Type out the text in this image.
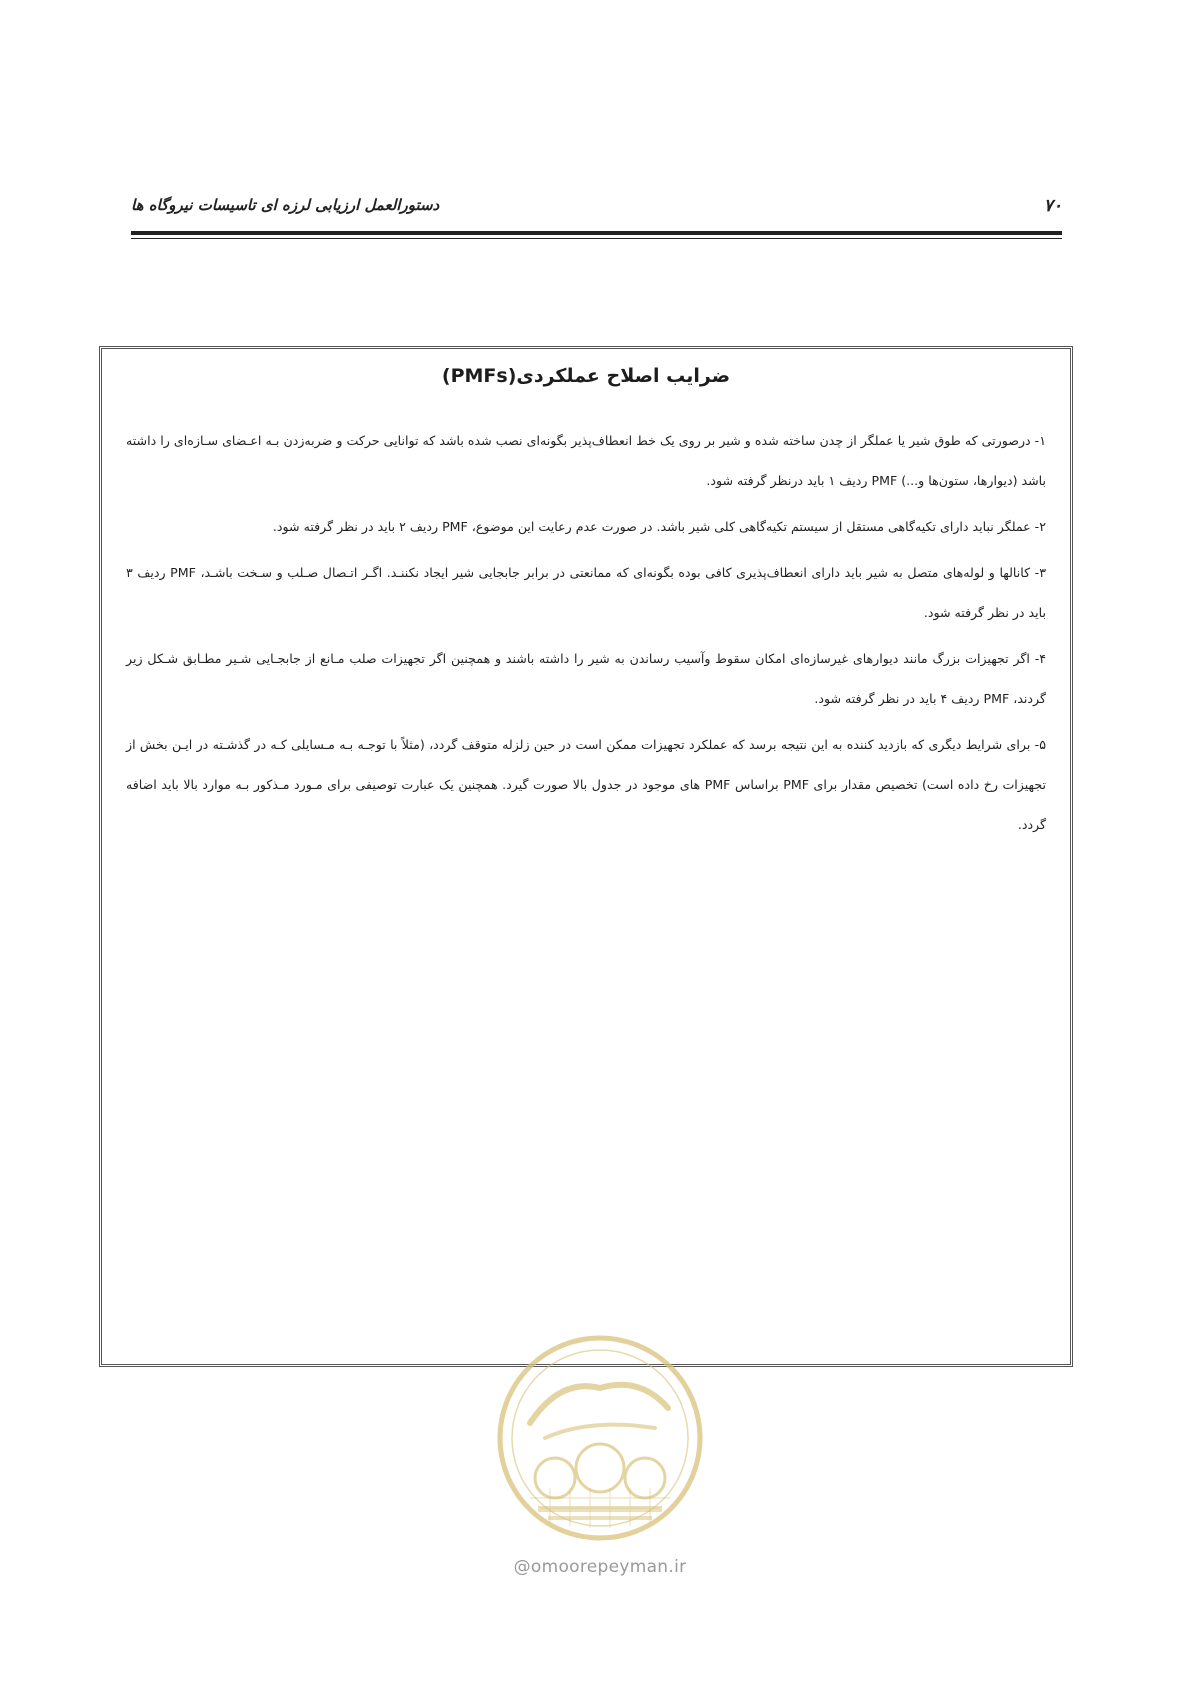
۷۰
دستورالعمل ارزیابی لرزه ای تاسیسات نیروگاه ها
ضرایب اصلاح عملکردی(PMFs)

۱- درصورتی که طوق شیر یا عملگر از چدن ساخته شده و شیر بر روی یک خط انعطاف‌پذیر بگونه‌ای نصب شده باشد که توانایی حرکت و ضربه‌زدن بـه اعـضای سـازه‌ای را داشته باشد (دیوارها، ستون‌ها و...) PMF ردیف ۱ باید درنظر گرفته شود.

۲- عملگر نباید دارای تکیه‌گاهی مستقل از سیستم تکیه‌گاهی کلی شیر باشد. در صورت عدم رعایت این موضوع، PMF ردیف ۲ باید در نظر گرفته شود.

۳- کانالها و لوله‌های متصل به شیر باید دارای انعطاف‌پذیری کافی بوده بگونه‌ای که ممانعتی در برابر جابجایی شیر ایجاد نکننـد. اگـر اتـصال صـلب و سـخت باشـد، PMF ردیف ۳ باید در نظر گرفته شود.

۴- اگر تجهیزات بزرگ مانند دیوارهای غیرسازه‌ای امکان سقوط وآسیب رساندن به شیر را داشته باشند و همچنین اگر تجهیزات صلب مـانع از جابجـایی شـیر مطـابق شـکل زیر گردند، PMF ردیف ۴ باید در نظر گرفته شود.

۵- برای شرایط دیگری که بازدید کننده به این نتیجه برسد که عملکرد تجهیزات ممکن است در حین زلزله متوقف گردد، (مثلاً با توجـه بـه مـسایلی کـه در گذشـته در ایـن بخش از تجهیزات رخ داده است) تخصیص مقدار برای PMF براساس PMF های موجود در جدول بالا صورت گیرد. همچنین یک عبارت توصیفی برای مـورد مـذکور بـه موارد بالا باید اضافه گردد.

@omoorepeyman.ir
